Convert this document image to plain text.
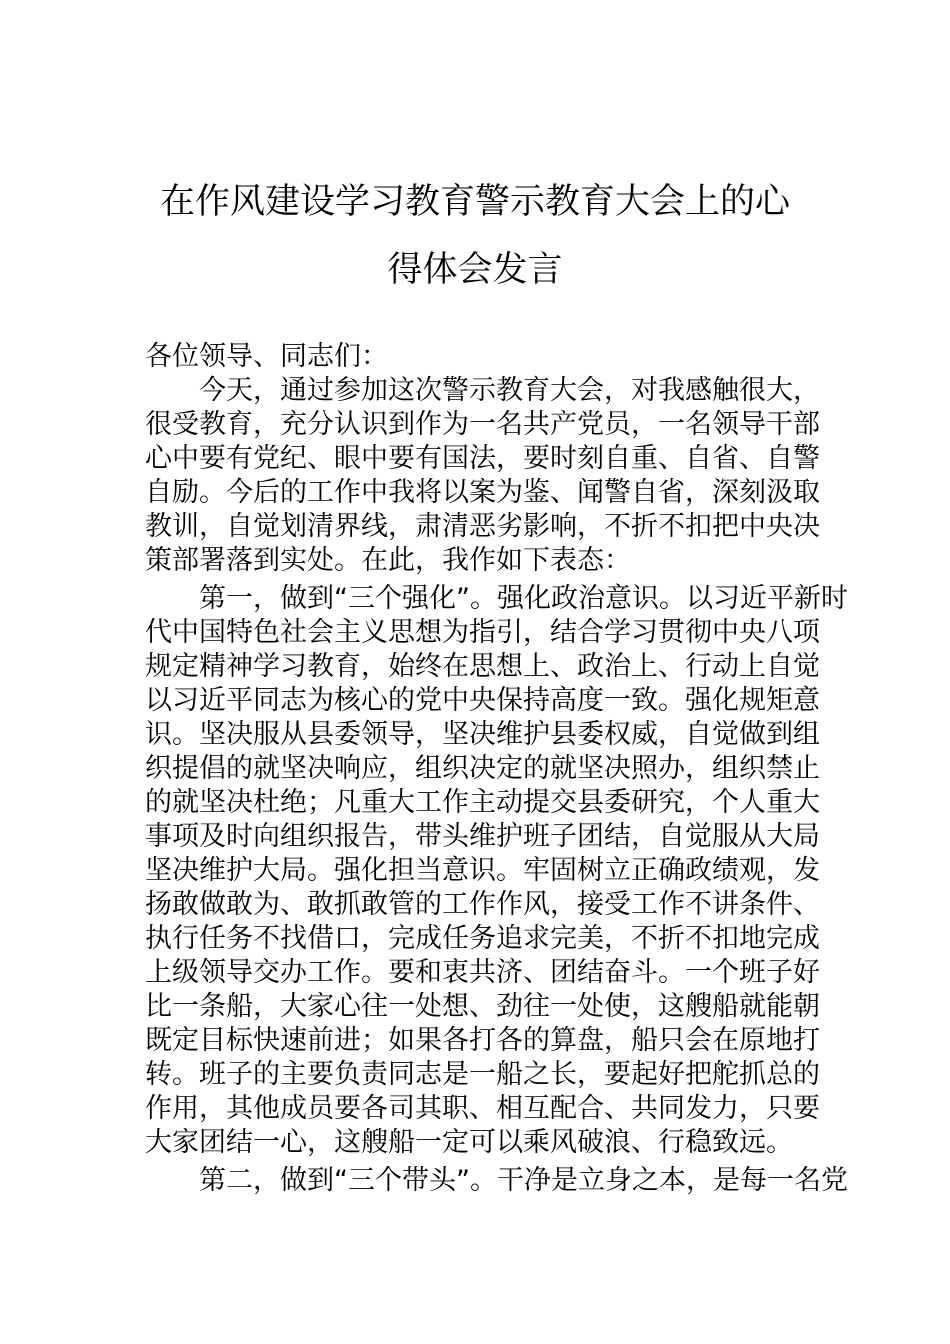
在作风建设学习教育警示教育大会上的心
得体会发言

各位领导、同志们：

　　今天，通过参加这次警示教育大会，对我感触很大，

很受教育，充分认识到作为一名共产党员，一名领导干部

心中要有党纪、眼中要有国法，要时刻自重、自省、自警

自励。今后的工作中我将以案为鉴、闻警自省，深刻汲取

教训，自觉划清界线，肃清恶劣影响，不折不扣把中央决

策部署落到实处。在此，我作如下表态：

　　第一，做到“三个强化”。强化政治意识。以习近平新时

代中国特色社会主义思想为指引，结合学习贯彻中央八项

规定精神学习教育，始终在思想上、政治上、行动上自觉

以习近平同志为核心的党中央保持高度一致。强化规矩意

识。坚决服从县委领导，坚决维护县委权威，自觉做到组

织提倡的就坚决响应，组织决定的就坚决照办，组织禁止

的就坚决杜绝；凡重大工作主动提交县委研究，个人重大

事项及时向组织报告，带头维护班子团结，自觉服从大局

坚决维护大局。强化担当意识。牢固树立正确政绩观，发

扬敢做敢为、敢抓敢管的工作作风，接受工作不讲条件、

执行任务不找借口，完成任务追求完美，不折不扣地完成

上级领导交办工作。要和衷共济、团结奋斗。一个班子好

比一条船，大家心往一处想、劲往一处使，这艘船就能朝

既定目标快速前进；如果各打各的算盘，船只会在原地打

转。班子的主要负责同志是一船之长，要起好把舵抓总的

作用，其他成员要各司其职、相互配合、共同发力，只要

大家团结一心，这艘船一定可以乘风破浪、行稳致远。

　　第二，做到“三个带头”。干净是立身之本，是每一名党
